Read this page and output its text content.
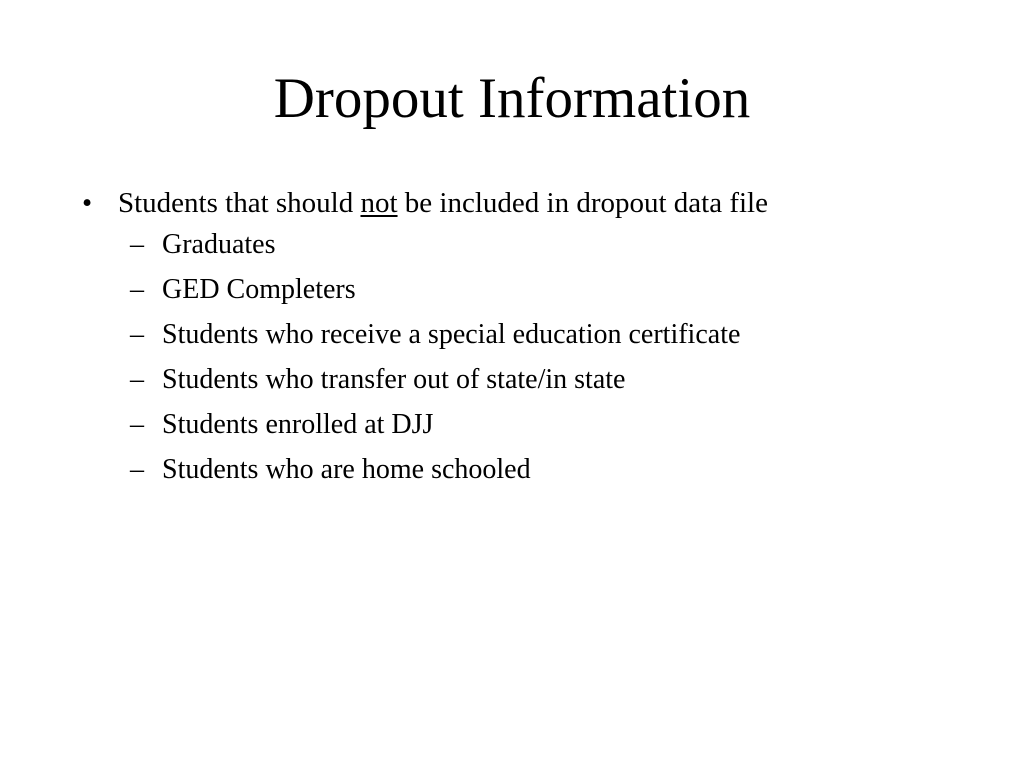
Dropout Information
• Students that should not be included in dropout data file
– Graduates
– GED Completers
– Students who receive a special education certificate
– Students who transfer out of state/in state
– Students enrolled at DJJ
– Students who are home schooled
